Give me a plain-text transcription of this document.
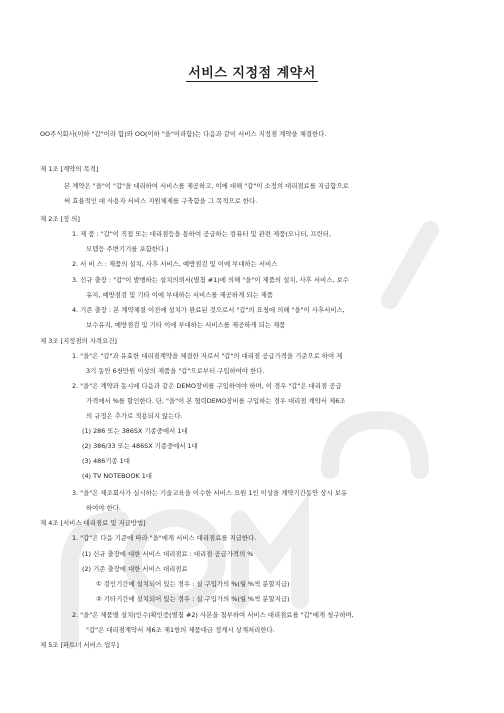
서비스 지정점 계약서
OO주식회사(이하 "갑"이라 함)와 OO(이하 "을"이라함)는 다음과 같이 서비스 지정점 계약을 체결한다.
제 1조 [계약의 목적]
본 계약은 "을"이 "갑"을 대리하여 서비스를 제공하고, 이에 대해 "갑"이 소정의 대리점료를 지급함으로
써 효율적인 대 사용자 서비스 지원체제를 구축함을 그 목적으로 한다.
제 2조 [정 의]
1. 제 품 : "갑"이 직접 또는 대리점등을 통하여 공급하는 컴퓨터 및 관련 제품(모니터, 프린터,
모뎀등 주변기기를 포함한다.)
2. 서 비 스 : 제품의 설치, 사후 서비스, 예방점검 및 이에 부대하는 서비스
3. 신규 출장 : "갑"이 발행하는 설치의뢰서(별첨 #1)에 의해 "을"이 제품의 설치, 사후 서비스, 보수
유지, 예방점검 및 기타 이에 부대하는 서비스를 제공하게 되는 제품
4. 기존 출장 : 본 계약체결 이전에 설치가 완료된 것으로서 "갑"의 요청에 의해 "을"이 사후서비스,
보수유지, 예방점검 및 기타 이에 부대하는 서비스를 제공하게 되는 제품
제 3조 [지정점의 자격요건]
1. "을"은 "갑"과 유효한 대리점계약을 체결한 자로서 "갑"의 대리점 공급가격을 기준으로 하여 제
3기 동안 6천만원 이상의 제품을 "갑"으로부터 구입하여야 한다.
2. "을"은 계약과 동시에 다음과 같은 DEMO장비를 구입하여야 하며, 이 경우 "갑"은 대리점 공급
가격에서 %를 할인한다. 단, "을"이 본 협력DEMO장비를 구입하는 경우 대리점 계약서 제6조
의 규정은 추가로 적용되지 않는다.
(1) 286 또는 386SX 기종중에서 1대
(2) 386/33 또는 486SX 기종중에서 1대
(3) 486기종 1대
(4) TV NOTEBOOK 1대
3. "을"은 제조회사가 실시하는 기술교육을 이수한 서비스 요원 1인 이상을 계약기간동안 상시 보유
하여야 한다.
제 4조 [서비스 대리점료 및 지급방법]
1. "갑"은 다음 기준에 따라 "을"에게 서비스 대리점료를 지급한다.
(1) 신규 출장에 대한 서비스 대리점료 : 대리점 공급가격의 %
(2) 기존 출장에 대한 서비스 대리점료
① 검인기간에 설치되어 있는 경우 : 실 구입가의 %(월 %씩 분할지급)
② 기타기간에 설치되어 있는 경우 : 실 구입가의 %(월 %씩 분할지급)
2. "을"은 제품별 설치(인수)확인증(별첨 #2) 사본을 첨부하여 서비스 대리점료를 "갑"에게 청구하며,
"갑"은 대리점계약서 제6조 제1항의 제품대금 정계시 상계처리한다.
제 5조 [파트너 서비스 업무]
